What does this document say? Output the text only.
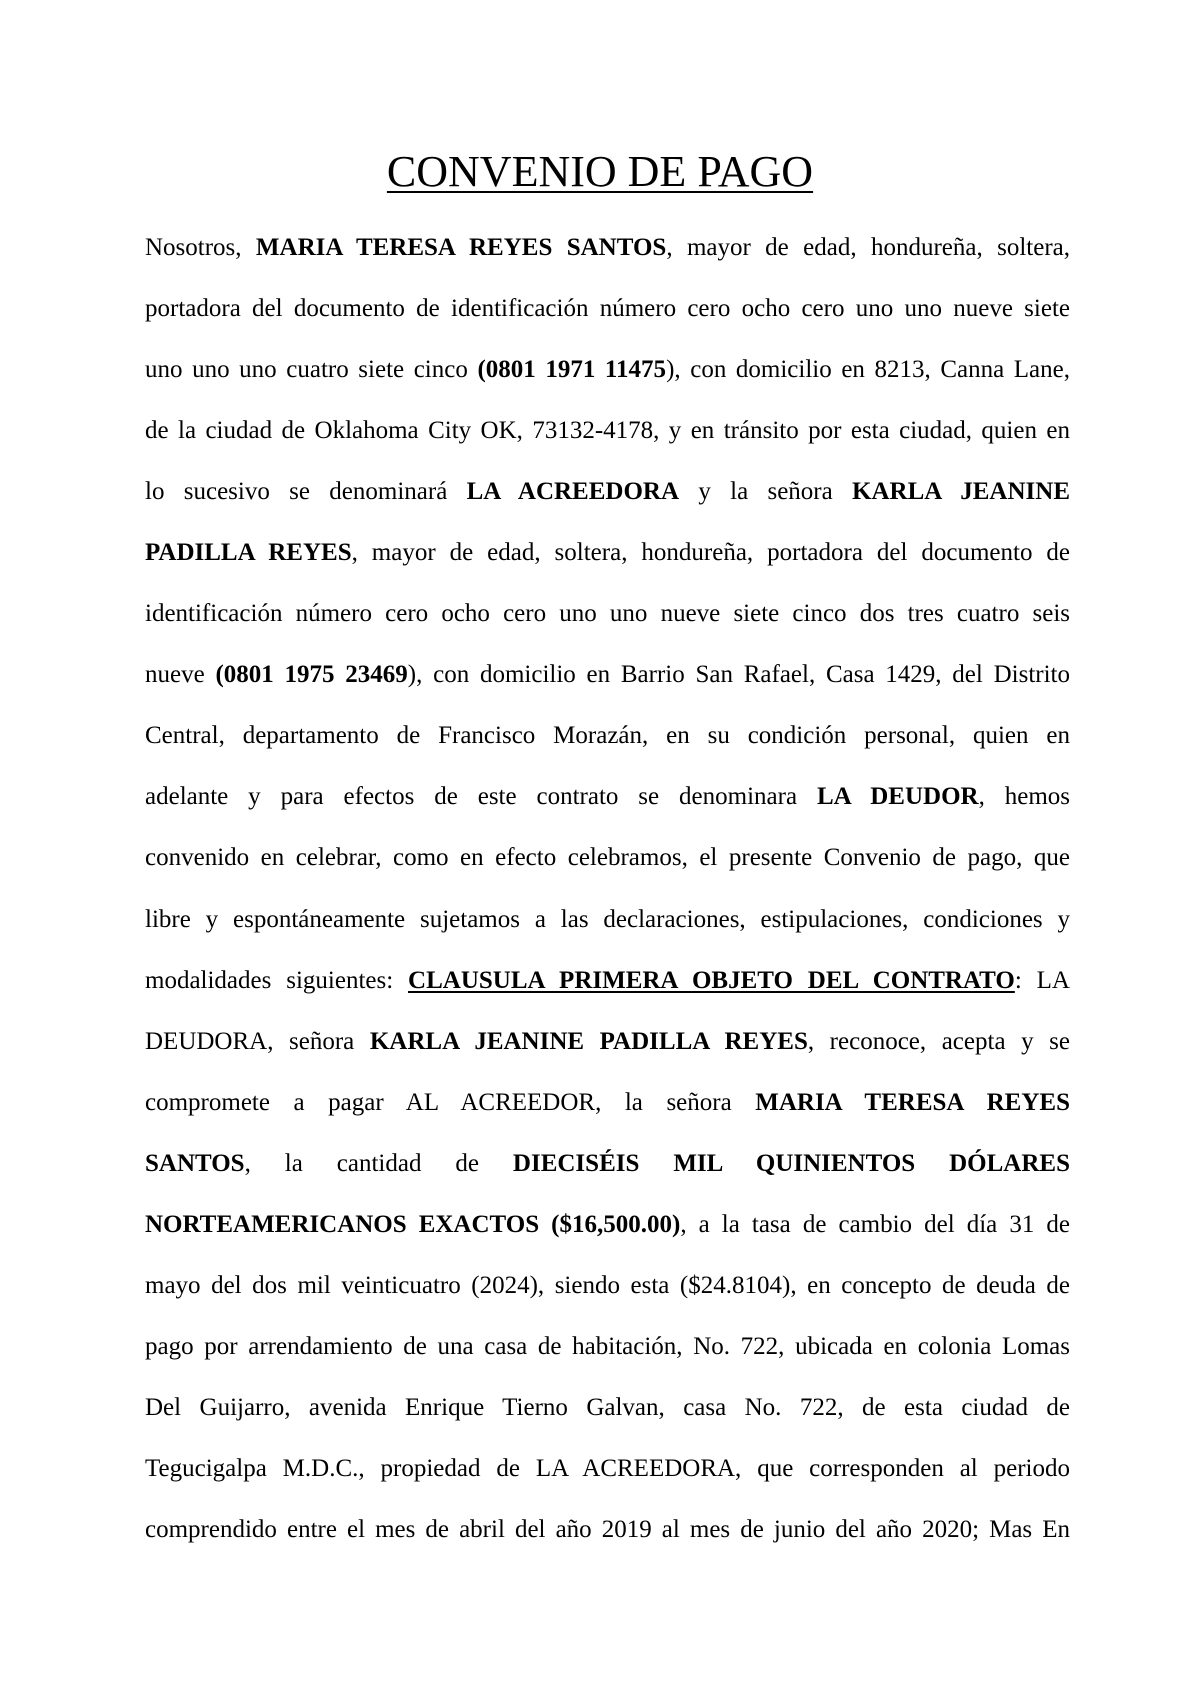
CONVENIO DE PAGO
Nosotros, MARIA TERESA REYES SANTOS, mayor de edad, hondureña, soltera,
portadora del documento de identificación número cero ocho cero uno uno nueve siete
uno uno uno cuatro siete cinco (0801 1971 11475), con domicilio en 8213, Canna Lane,
de la ciudad de Oklahoma City OK, 73132-4178, y en tránsito por esta ciudad, quien en
lo sucesivo se denominará LA ACREEDORA y la señora KARLA JEANINE
PADILLA REYES, mayor de edad, soltera, hondureña, portadora del documento de
identificación número cero ocho cero uno uno nueve siete cinco dos tres cuatro seis
nueve (0801 1975 23469), con domicilio en Barrio San Rafael, Casa 1429, del Distrito
Central, departamento de Francisco Morazán, en su condición personal, quien en
adelante y para efectos de este contrato se denominara LA DEUDOR, hemos
convenido en celebrar, como en efecto celebramos, el presente Convenio de pago, que
libre y espontáneamente sujetamos a las declaraciones, estipulaciones, condiciones y
modalidades siguientes: CLAUSULA PRIMERA OBJETO DEL CONTRATO: LA
DEUDORA, señora KARLA JEANINE PADILLA REYES, reconoce, acepta y se
compromete a pagar AL ACREEDOR, la señora MARIA TERESA REYES
SANTOS, la cantidad de DIECISÉIS MIL QUINIENTOS DÓLARES
NORTEAMERICANOS EXACTOS ($16,500.00), a la tasa de cambio del día 31 de
mayo del dos mil veinticuatro (2024), siendo esta ($24.8104), en concepto de deuda de
pago por arrendamiento de una casa de habitación, No. 722, ubicada en colonia Lomas
Del Guijarro, avenida Enrique Tierno Galvan, casa No. 722, de esta ciudad de
Tegucigalpa M.D.C., propiedad de LA ACREEDORA, que corresponden al periodo
comprendido entre el mes de abril del año 2019 al mes de junio del año 2020; Mas En
